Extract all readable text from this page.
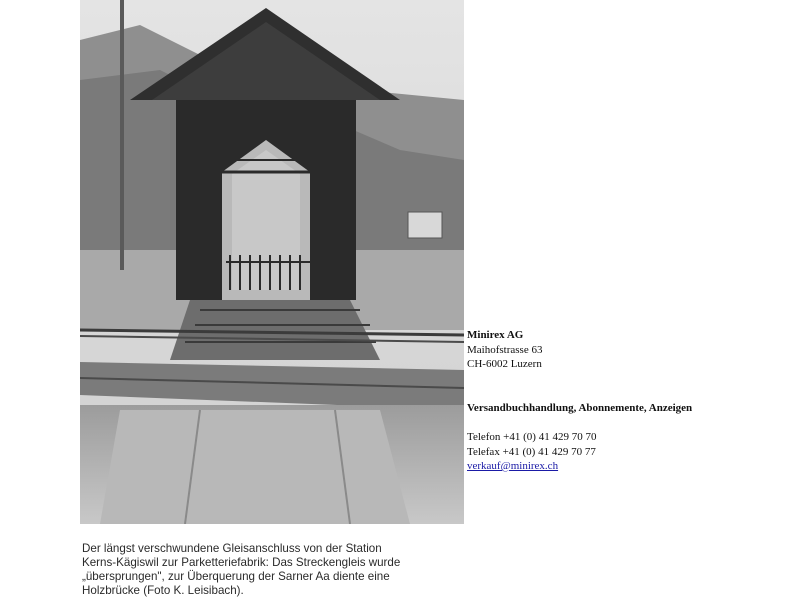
Der längst verschwundene Gleisanschluss von der Station
Kerns-Kägiswil zur Parketteriefabrik: Das Streckengleis wurde
„übersprungen", zur Überquerung der Sarner Aa diente eine
Holzbrücke (Foto K. Leisibach).
Minirex AG
Maihofstrasse 63
CH-6002 Luzern
Versandbuchhandlung, Abonnemente, Anzeigen
Telefon +41 (0) 41 429 70 70
Telefax +41 (0) 41 429 70 77
verkauf@minirex.ch
